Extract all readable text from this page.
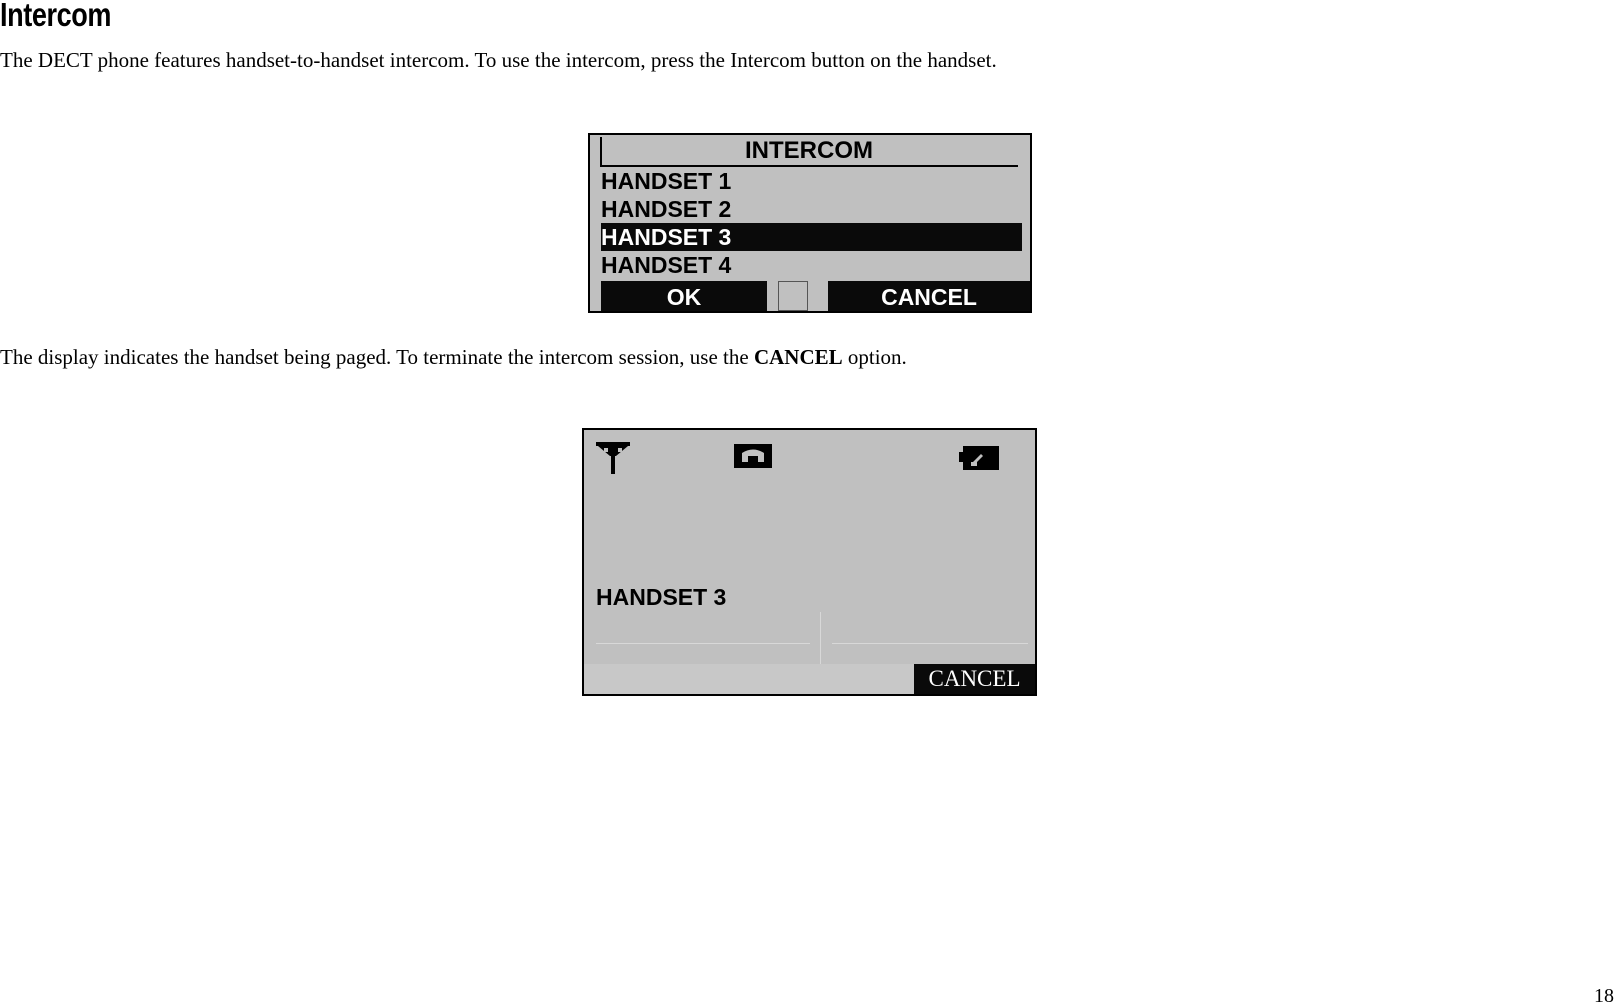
Intercom
The DECT phone features handset-to-handset intercom. To use the intercom, press the Intercom button on the handset.
INTERCOM
HANDSET 1
HANDSET 2
HANDSET 3
HANDSET 4
OK	CANCEL
The display indicates the handset being paged. To terminate the intercom session, use the CANCEL option.
HANDSET 3
CANCEL
18
